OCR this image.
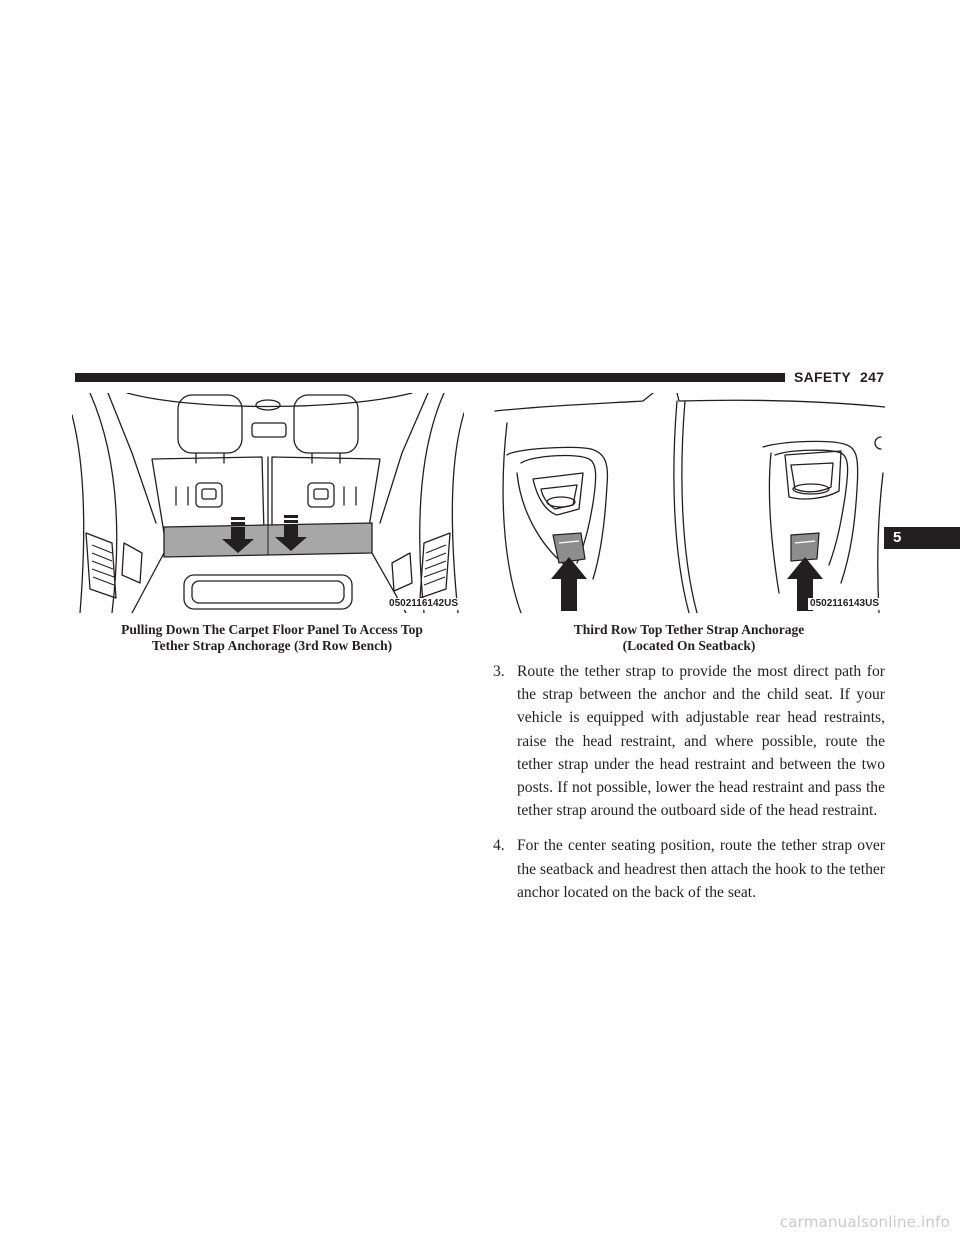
SAFETY 247
5
0502116142US	0502116143US
Pulling Down The Carpet Floor Panel To Access Top
Tether Strap Anchorage (3rd Row Bench)
Third Row Top Tether Strap Anchorage
(Located On Seatback)
3. Route the tether strap to provide the most direct path for the strap between the anchor and the child seat. If your vehicle is equipped with adjustable rear head restraints, raise the head restraint, and where possible, route the tether strap under the head restraint and between the two posts. If not possible, lower the head restraint and pass the tether strap around the outboard side of the head restraint.
4. For the center seating position, route the tether strap over the seatback and headrest then attach the hook to the tether anchor located on the back of the seat.
carmanualsonline.info
